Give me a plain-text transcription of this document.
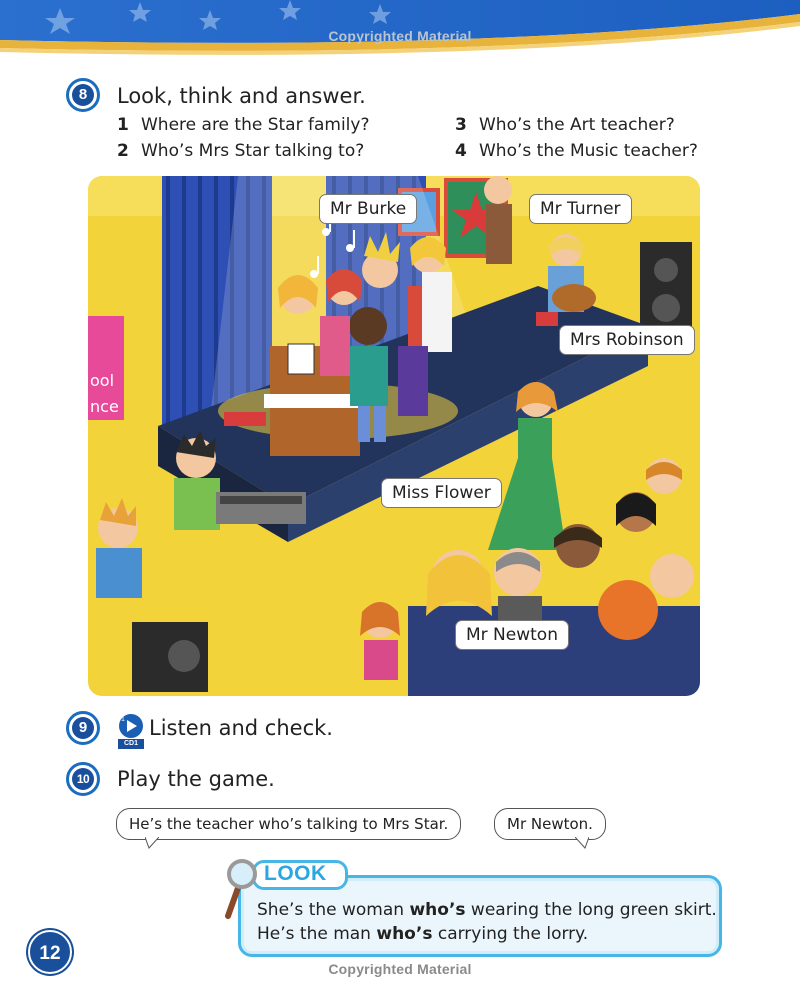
Copyrighted Material
8	Look, think and answer.
1 Where are the Star family?
2 Who’s Mrs Star talking to?
3 Who’s the Art teacher?
4 Who’s the Music teacher?
ool
nce
Mr Burke	Mr Turner
Mrs Robinson
Miss Flower
Mr Newton
9	1
CD1
Listen and check.
10 Play the game.
He’s the teacher who’s talking to Mrs Star.	Mr Newton.
LOOK
She’s the woman who’s wearing the long green skirt.
He’s the man who’s carrying the lorry.
12
Copyrighted Material
